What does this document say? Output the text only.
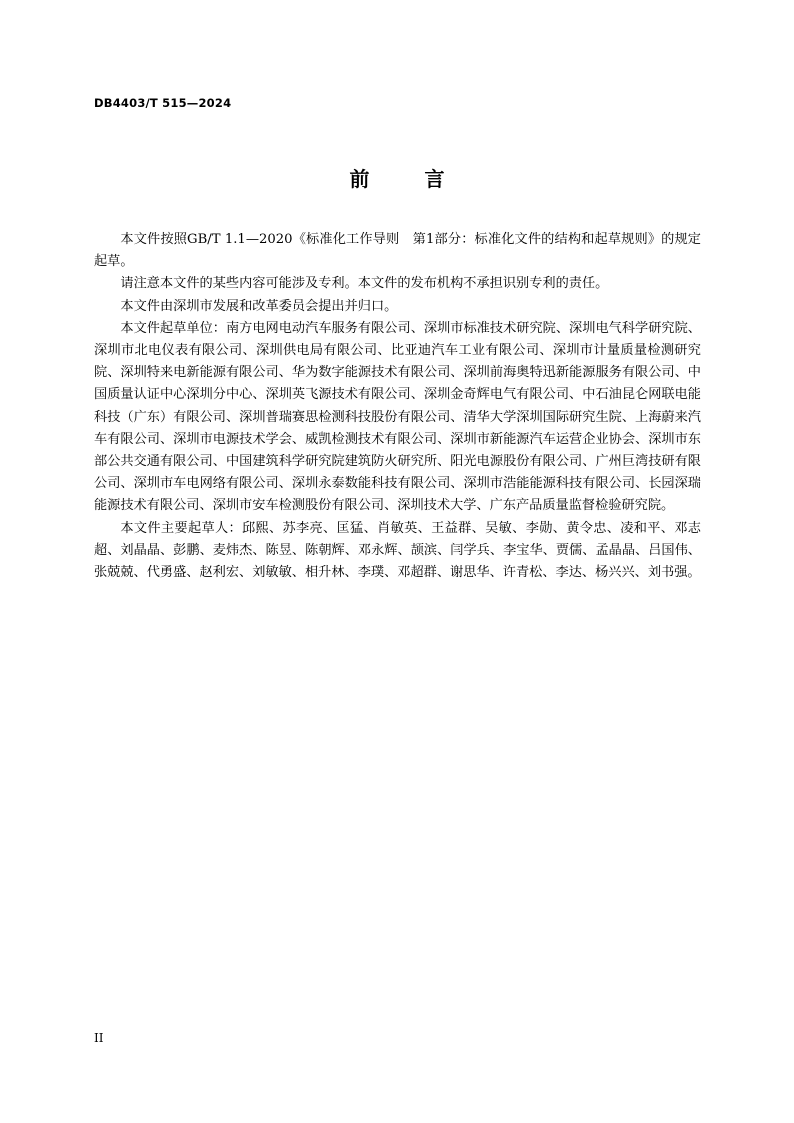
DB4403/T 515—2024
前 言

本文件按照GB/T 1.1—2020《标准化工作导则　第1部分：标准化文件的结构和起草规则》的规定起草。

请注意本文件的某些内容可能涉及专利。本文件的发布机构不承担识别专利的责任。

本文件由深圳市发展和改革委员会提出并归口。

本文件起草单位：南方电网电动汽车服务有限公司、深圳市标准技术研究院、深圳电气科学研究院、深圳市北电仪表有限公司、深圳供电局有限公司、比亚迪汽车工业有限公司、深圳市计量质量检测研究院、深圳特来电新能源有限公司、华为数字能源技术有限公司、深圳前海奥特迅新能源服务有限公司、中国质量认证中心深圳分中心、深圳英飞源技术有限公司、深圳金奇辉电气有限公司、中石油昆仑网联电能科技（广东）有限公司、深圳普瑞赛思检测科技股份有限公司、清华大学深圳国际研究生院、上海蔚来汽车有限公司、深圳市电源技术学会、威凯检测技术有限公司、深圳市新能源汽车运营企业协会、深圳市东部公共交通有限公司、中国建筑科学研究院建筑防火研究所、阳光电源股份有限公司、广州巨湾技研有限公司、深圳市车电网络有限公司、深圳永泰数能科技有限公司、深圳市浩能能源科技有限公司、长园深瑞能源技术有限公司、深圳市安车检测股份有限公司、深圳技术大学、广东产品质量监督检验研究院。

本文件主要起草人：邱熙、苏李亮、匡猛、肖敏英、王益群、吴敏、李勋、黄令忠、凌和平、邓志超、刘晶晶、彭鹏、麦炜杰、陈昱、陈朝辉、邓永辉、颉滨、闫学兵、李宝华、贾儒、孟晶晶、吕国伟、张兢兢、代勇盛、赵利宏、刘敏敏、相升林、李璞、邓超群、谢思华、许青松、李达、杨兴兴、刘书强。

II
